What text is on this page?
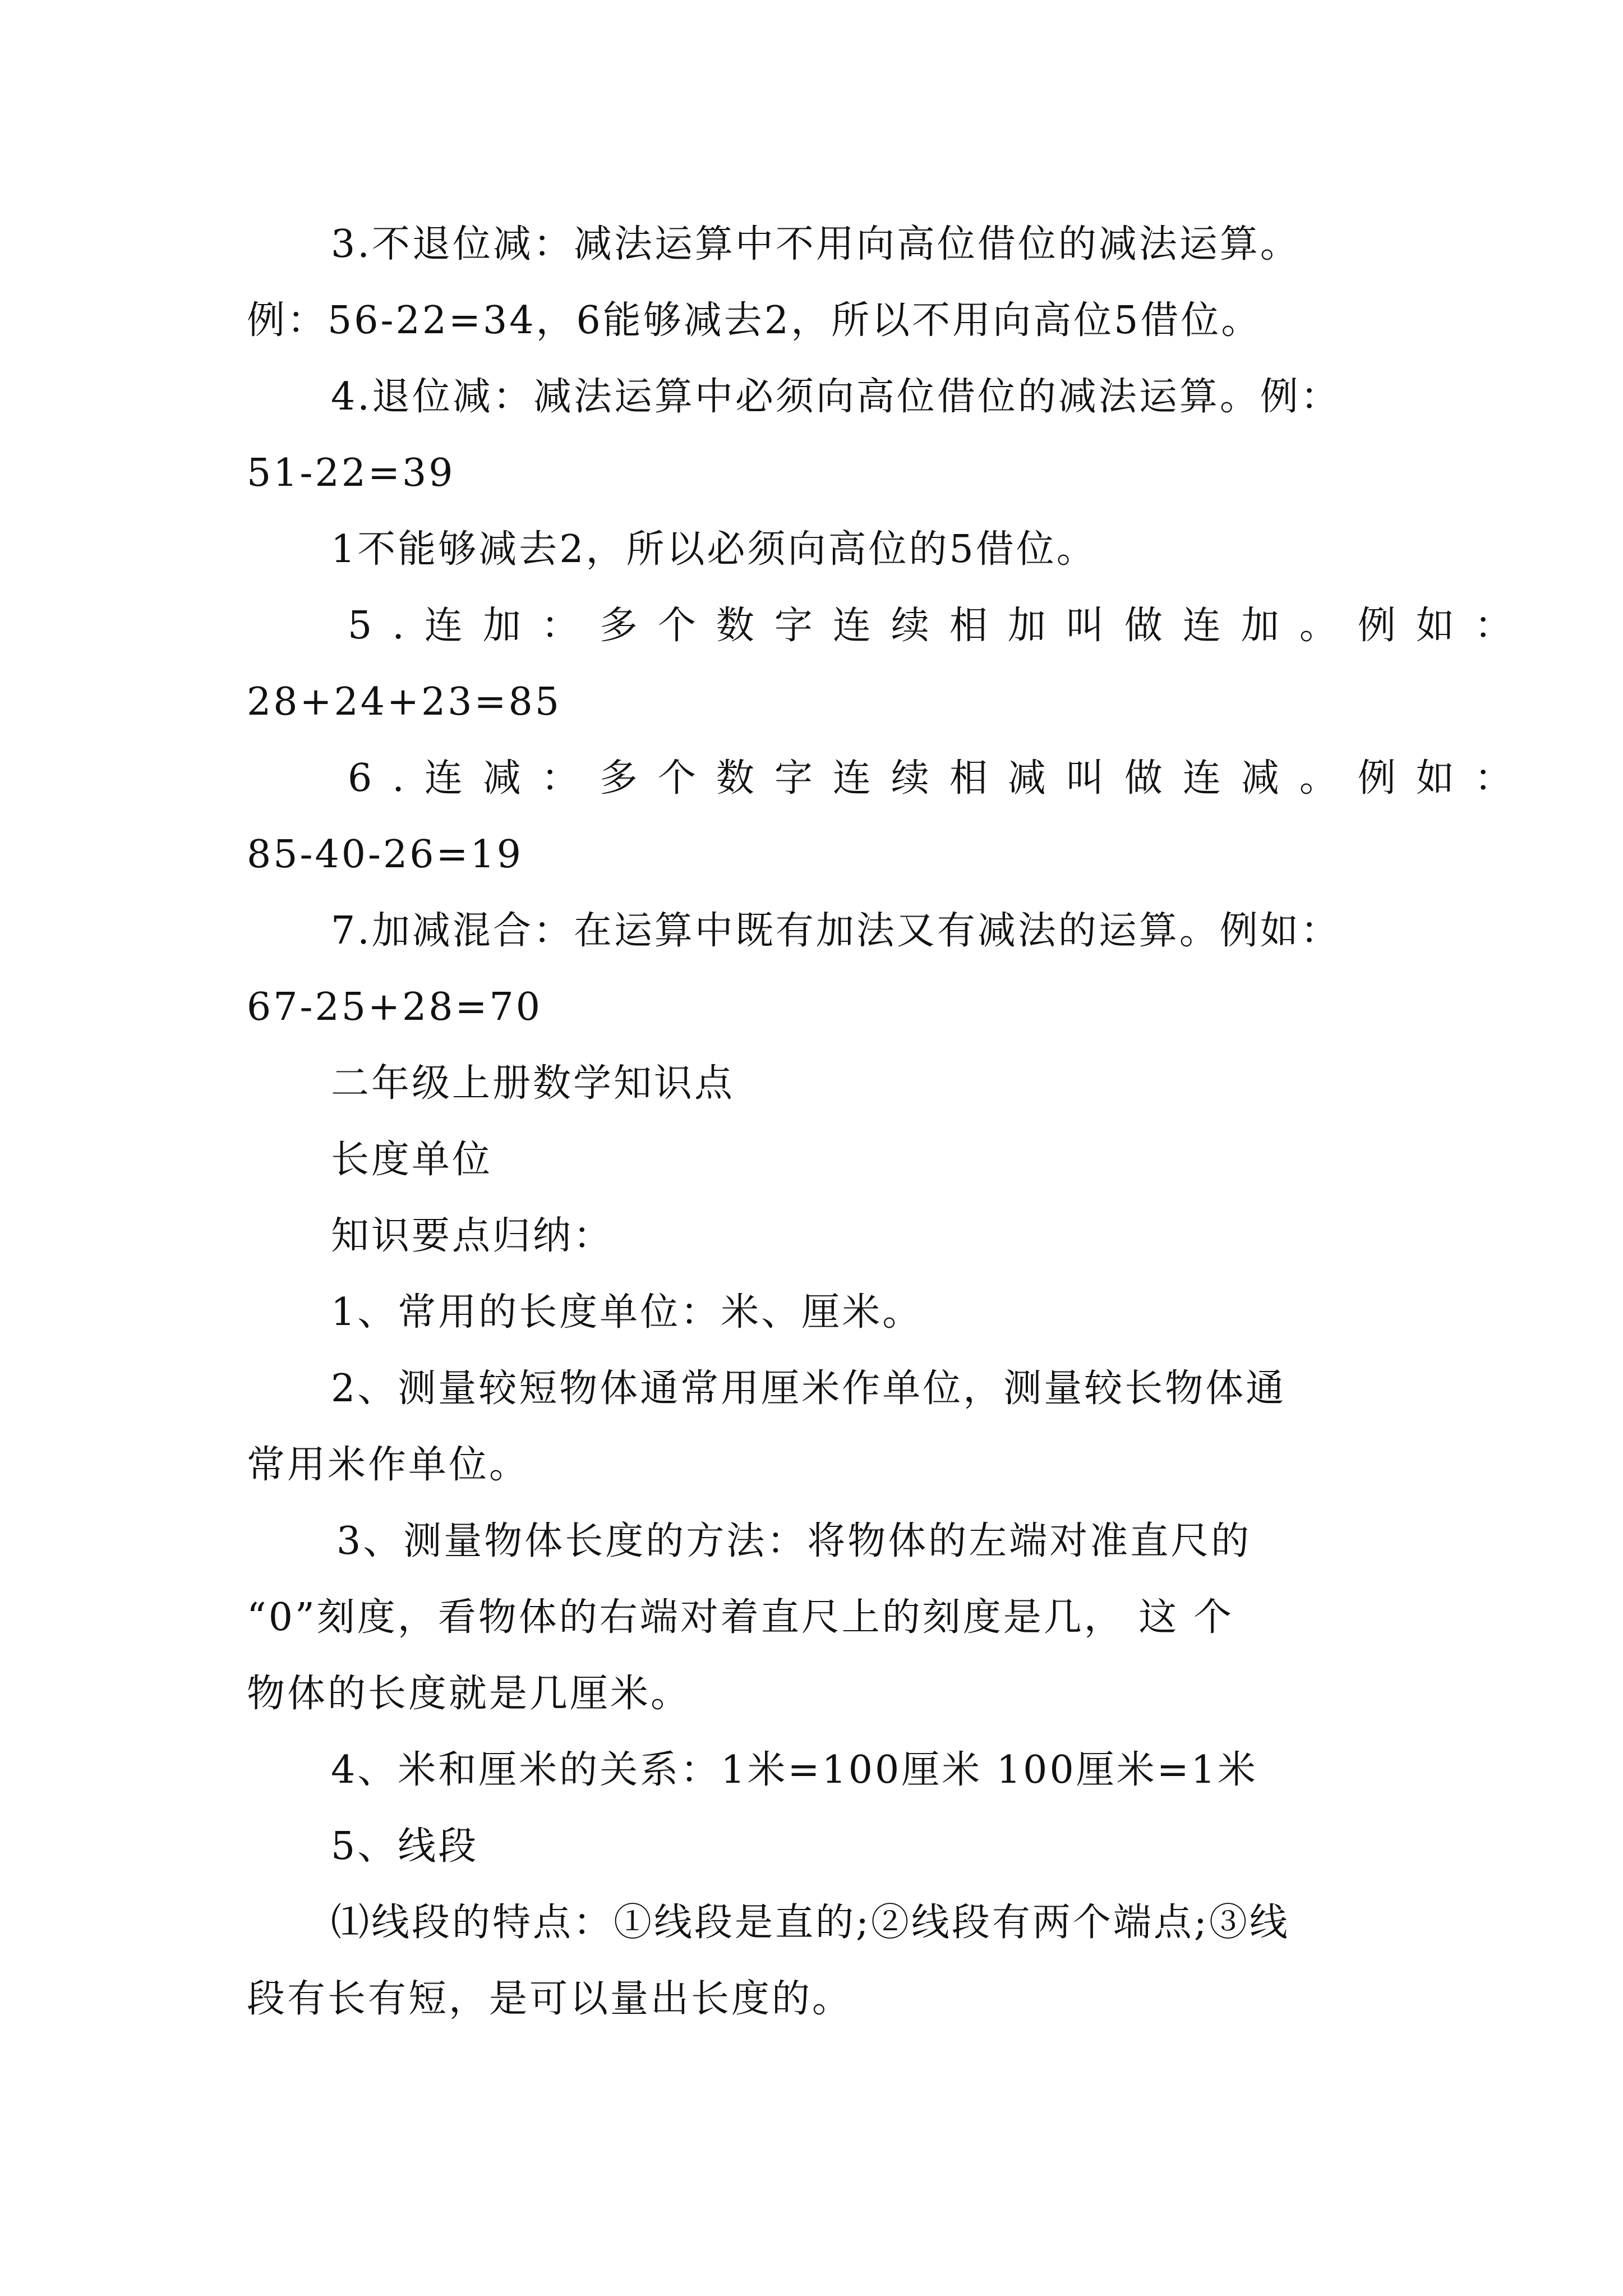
3.不退位减：减法运算中不用向高位借位的减法运算。
例：56-22=34，6能够减去2，所以不用向高位5借位。
4.退位减：减法运算中必须向高位借位的减法运算。例：
51-22=39
1不能够减去2，所以必须向高位的5借位。
5.连加：多个数字连续相加叫做连加。例如：
28+24+23=85
6.连减：多个数字连续相减叫做连减。例如：
85-40-26=19
7.加减混合：在运算中既有加法又有减法的运算。例如：
67-25+28=70
二年级上册数学知识点
长度单位
知识要点归纳：
1、常用的长度单位：米、厘米。
2、测量较短物体通常用厘米作单位，测量较长物体通
常用米作单位。
3、测量物体长度的方法：将物体的左端对准直尺的
“0”刻度，看物体的右端对着直尺上的刻度是几， 这 个
物体的长度就是几厘米。
4、米和厘米的关系：1米=100厘米 100厘米=1米
5、线段
⑴线段的特点：①线段是直的;②线段有两个端点;③线
段有长有短，是可以量出长度的。
